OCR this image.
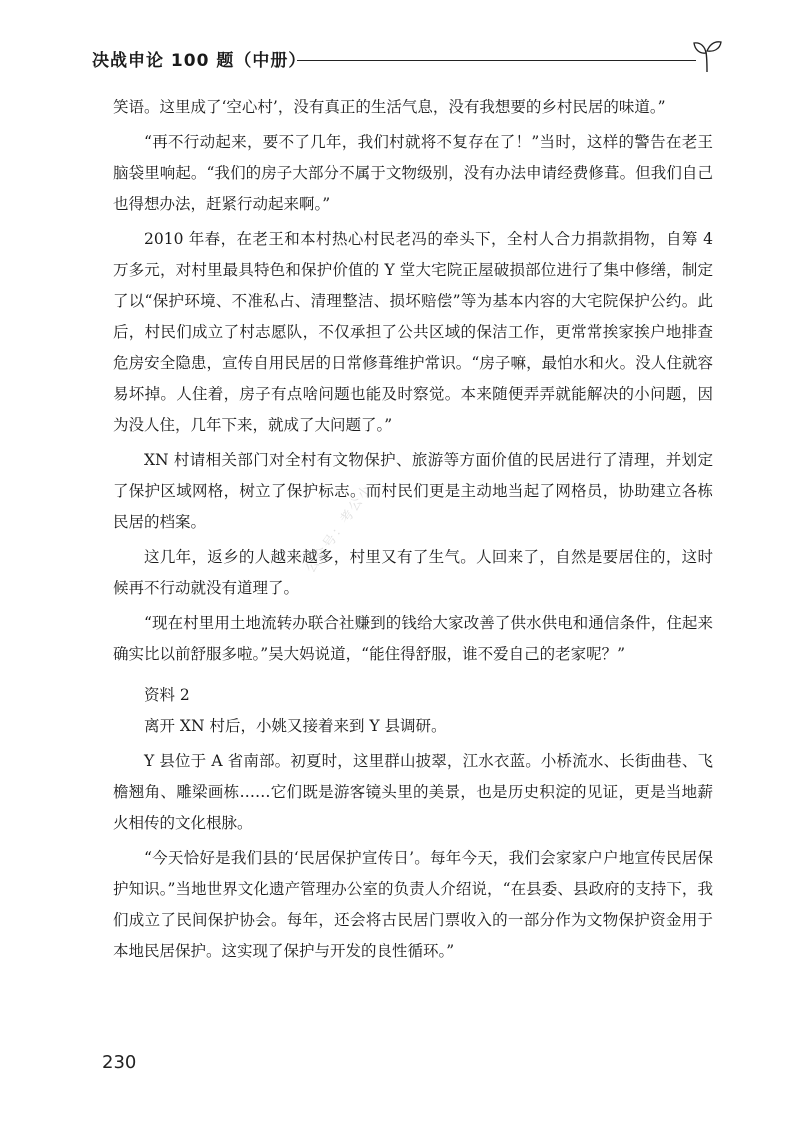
决战申论 100 题（中册）
公众号：考公小

笑语。这里成了‘空心村’，没有真正的生活气息，没有我想要的乡村民居的味道。”

“再不行动起来，要不了几年，我们村就将不复存在了！”当时，这样的警告在老王脑袋里响起。“我们的房子大部分不属于文物级别，没有办法申请经费修葺。但我们自己也得想办法，赶紧行动起来啊。”

2010 年春，在老王和本村热心村民老冯的牵头下，全村人合力捐款捐物，自筹 4 万多元，对村里最具特色和保护价值的 Y 堂大宅院正屋破损部位进行了集中修缮，制定了以“保护环境、不准私占、清理整洁、损坏赔偿”等为基本内容的大宅院保护公约。此后，村民们成立了村志愿队，不仅承担了公共区域的保洁工作，更常常挨家挨户地排查危房安全隐患，宣传自用民居的日常修葺维护常识。“房子嘛，最怕水和火。没人住就容易坏掉。人住着，房子有点啥问题也能及时察觉。本来随便弄弄就能解决的小问题，因为没人住，几年下来，就成了大问题了。”

XN 村请相关部门对全村有文物保护、旅游等方面价值的民居进行了清理，并划定了保护区域网格，树立了保护标志。而村民们更是主动地当起了网格员，协助建立各栋民居的档案。

这几年，返乡的人越来越多，村里又有了生气。人回来了，自然是要居住的，这时候再不行动就没有道理了。

“现在村里用土地流转办联合社赚到的钱给大家改善了供水供电和通信条件，住起来确实比以前舒服多啦。”吴大妈说道，“能住得舒服，谁不爱自己的老家呢？”

资料 2

离开 XN 村后，小姚又接着来到 Y 县调研。

Y 县位于 A 省南部。初夏时，这里群山披翠，江水衣蓝。小桥流水、长街曲巷、飞檐翘角、雕梁画栋……它们既是游客镜头里的美景，也是历史积淀的见证，更是当地薪火相传的文化根脉。

“今天恰好是我们县的‘民居保护宣传日’。每年今天，我们会家家户户地宣传民居保护知识。”当地世界文化遗产管理办公室的负责人介绍说，“在县委、县政府的支持下，我们成立了民间保护协会。每年，还会将古民居门票收入的一部分作为文物保护资金用于本地民居保护。这实现了保护与开发的良性循环。”

230
